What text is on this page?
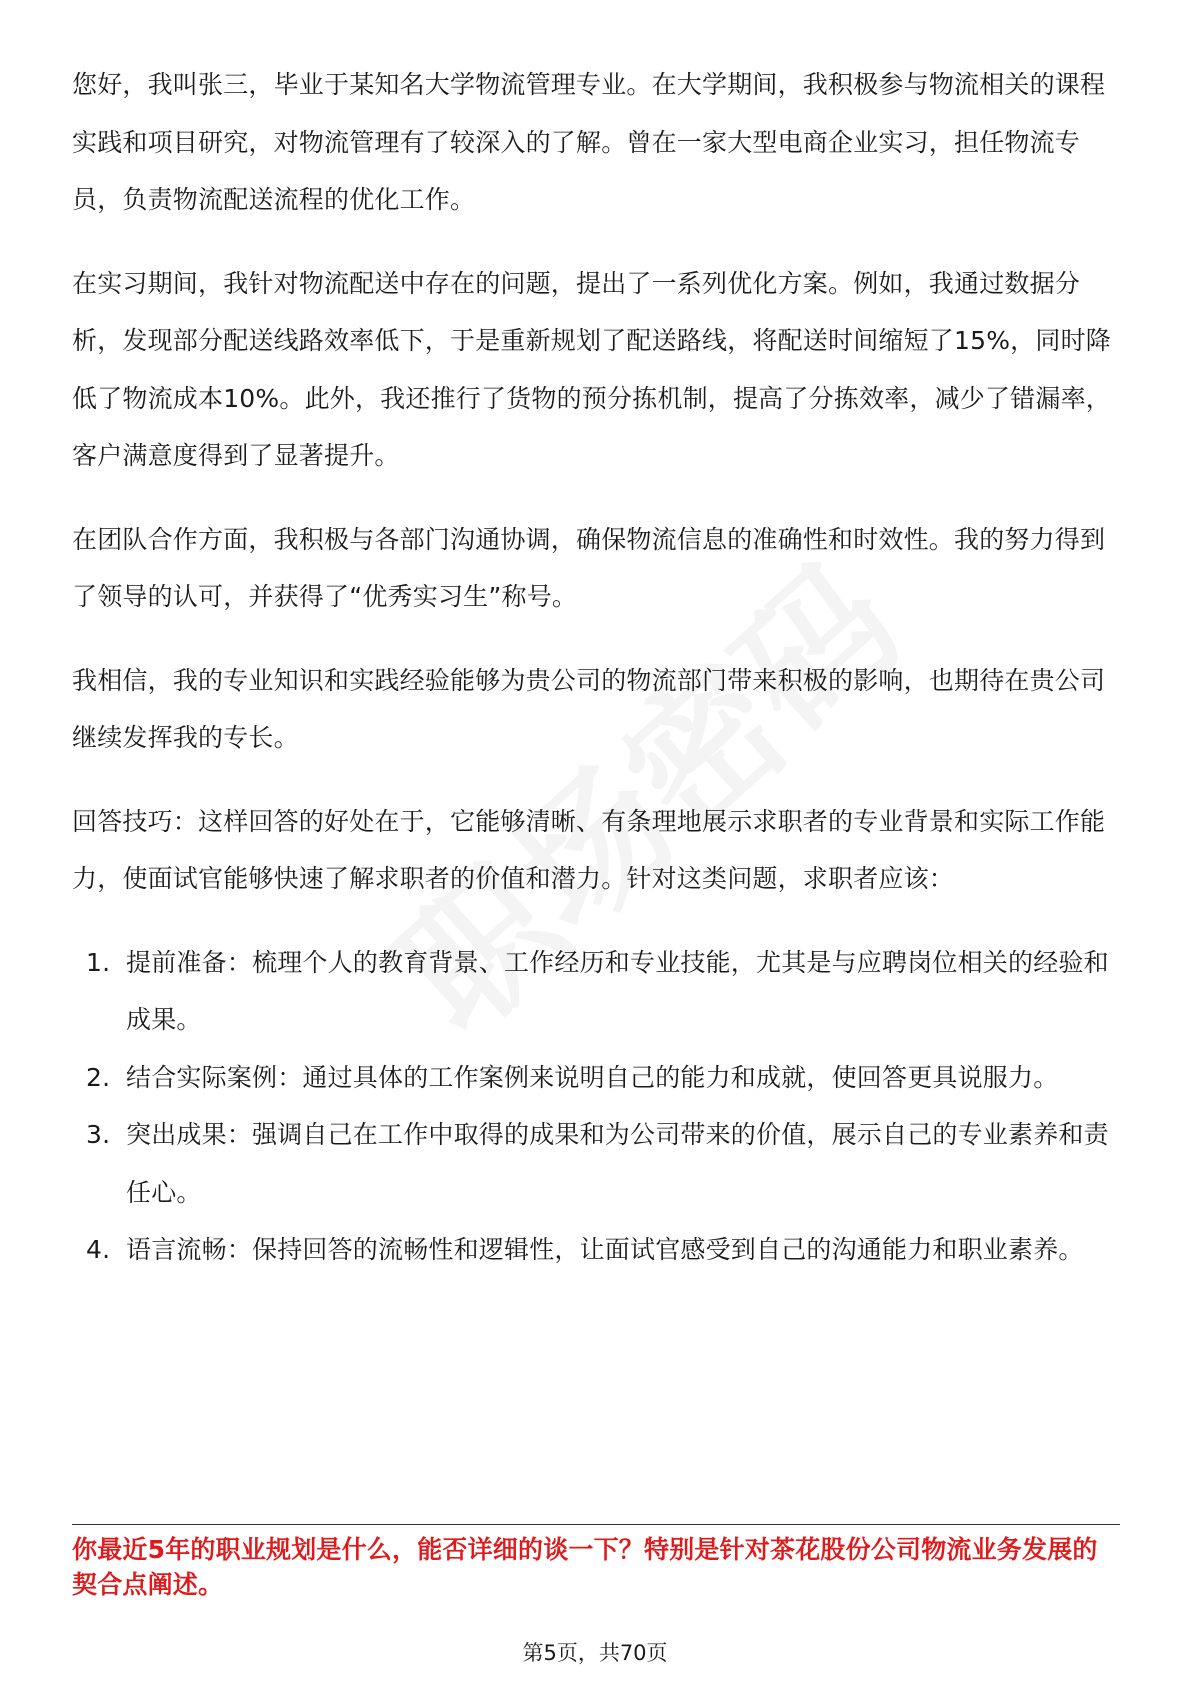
您好，我叫张三，毕业于某知名大学物流管理专业。在大学期间，我积极参与物流相关的课程实践和项目研究，对物流管理有了较深入的了解。曾在一家大型电商企业实习，担任物流专员，负责物流配送流程的优化工作。

在实习期间，我针对物流配送中存在的问题，提出了一系列优化方案。例如，我通过数据分析，发现部分配送线路效率低下，于是重新规划了配送路线，将配送时间缩短了15%，同时降低了物流成本10%。此外，我还推行了货物的预分拣机制，提高了分拣效率，减少了错漏率，客户满意度得到了显著提升。

在团队合作方面，我积极与各部门沟通协调，确保物流信息的准确性和时效性。我的努力得到了领导的认可，并获得了“优秀实习生”称号。

我相信，我的专业知识和实践经验能够为贵公司的物流部门带来积极的影响，也期待在贵公司继续发挥我的专长。

回答技巧：这样回答的好处在于，它能够清晰、有条理地展示求职者的专业背景和实际工作能力，使面试官能够快速了解求职者的价值和潜力。针对这类问题，求职者应该：

1. 提前准备：梳理个人的教育背景、工作经历和专业技能，尤其是与应聘岗位相关的经验和成果。
2. 结合实际案例：通过具体的工作案例来说明自己的能力和成就，使回答更具说服力。
3. 突出成果：强调自己在工作中取得的成果和为公司带来的价值，展示自己的专业素养和责任心。
4. 语言流畅：保持回答的流畅性和逻辑性，让面试官感受到自己的沟通能力和职业素养。
你最近5年的职业规划是什么，能否详细的谈一下？特别是针对茶花股份公司物流业务发展的契合点阐述。
第5页，共70页
